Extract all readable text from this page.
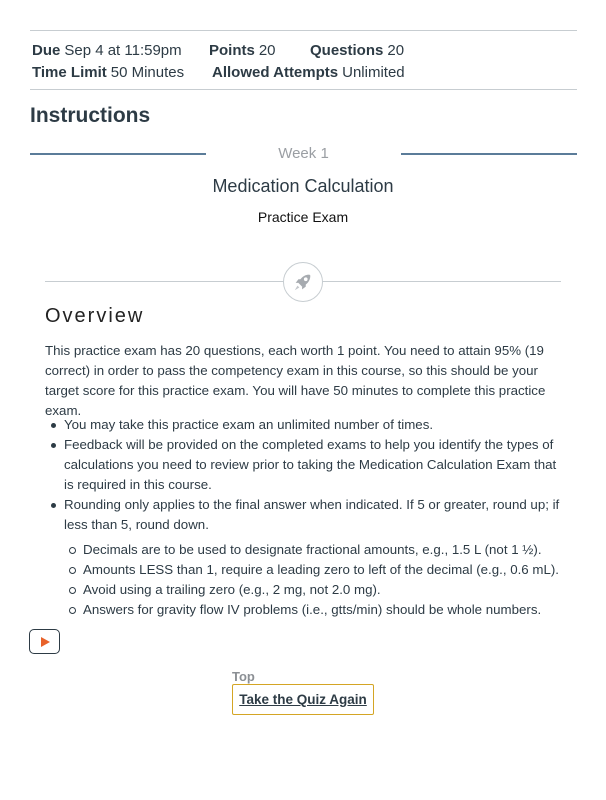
Due Sep 4 at 11:59pm Points 20 Questions 20
Time Limit 50 Minutes Allowed Attempts Unlimited
Instructions
Week 1
Medication Calculation
Practice Exam
Overview

This practice exam has 20 questions, each worth 1 point. You need to attain 95% (19 correct) in order to pass the competency exam in this course, so this should be your target score for this practice exam. You will have 50 minutes to complete this practice exam.

You may take this practice exam an unlimited number of times.
Feedback will be provided on the completed exams to help you identify the types of calculations you need to review prior to taking the Medication Calculation Exam that is required in this course.
Rounding only applies to the final answer when indicated. If 5 or greater, round up; if less than 5, round down.
Decimals are to be used to designate fractional amounts, e.g., 1.5 L (not 1 ½).
Amounts LESS than 1, require a leading zero to left of the decimal (e.g., 0.6 mL).
Avoid using a trailing zero (e.g., 2 mg, not 2.0 mg).
Answers for gravity flow IV problems (i.e., gtts/min) should be whole numbers.
Top
Take the Quiz Again
